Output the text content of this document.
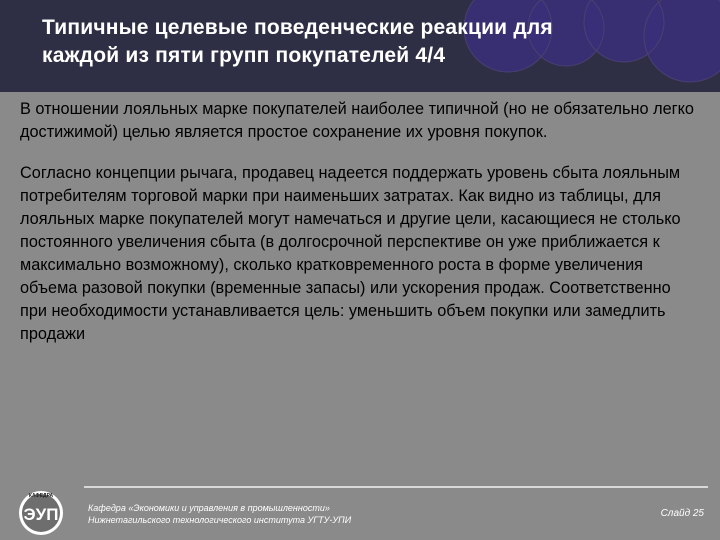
Типичные целевые поведенческие реакции для
каждой из пяти групп покупателей 4/4

В отношении лояльных марке покупателей наиболее типичной (но не обязательно легко достижимой) целью является простое сохранение их уровня покупок.

Согласно концепции рычага, продавец надеется поддержать уровень сбыта лояльным потребителям торговой марки при наименьших затратах. Как видно из таблицы, для лояльных марке покупателей могут намечаться и другие цели, касающиеся не столько постоянного увеличения сбыта (в долгосрочной перспективе он уже приближается к максимально возможному), сколько кратковременного роста в форме увеличения объема разовой покупки (временные запасы) или ускорения продаж. Соответственно при необходимости устанавливается цель: уменьшить объем покупки или замедлить продажи

КАФЕДРА
ЭУП	Кафедра «Экономики и управления в промышленности»
Нижнетагильского технологического института УГТУ-УПИ
Слайд 25
